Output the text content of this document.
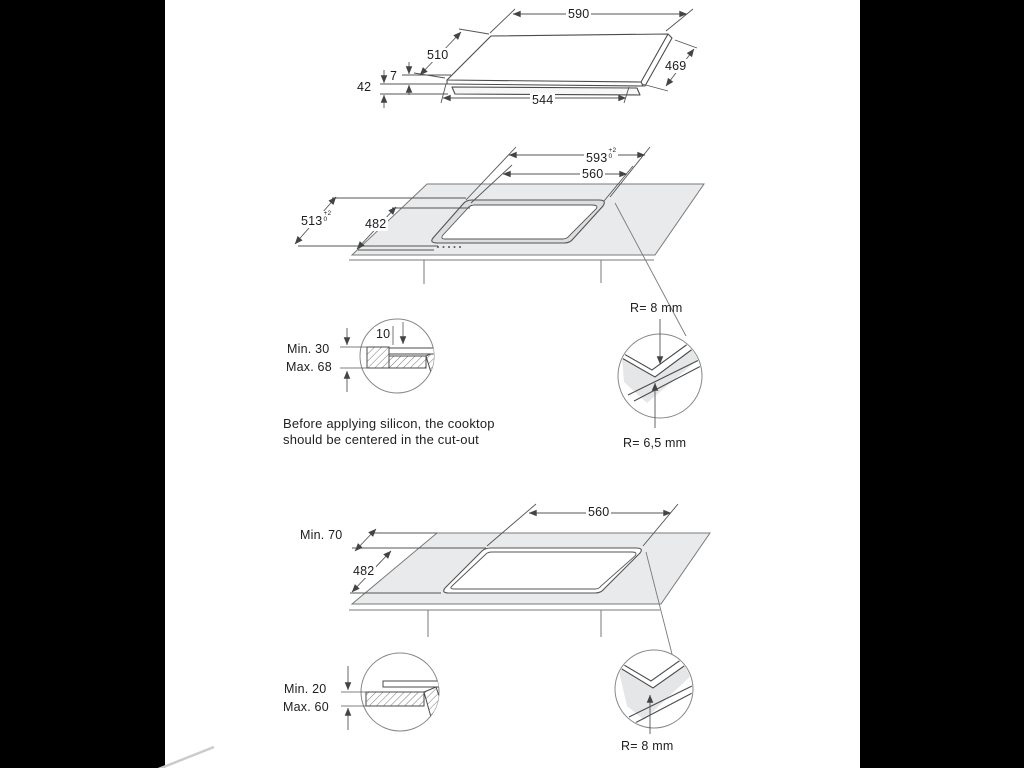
590
510
469
42
7
544
593
+2
0
560
513
+2
0	482
R= 8 mm
R= 6,5 mm
10
Min. 30
Max. 68
Before applying silicon, the cooktop
should be centered in the cut-out
560
Min. 70
482
Min. 20
Max. 60
R= 8 mm
